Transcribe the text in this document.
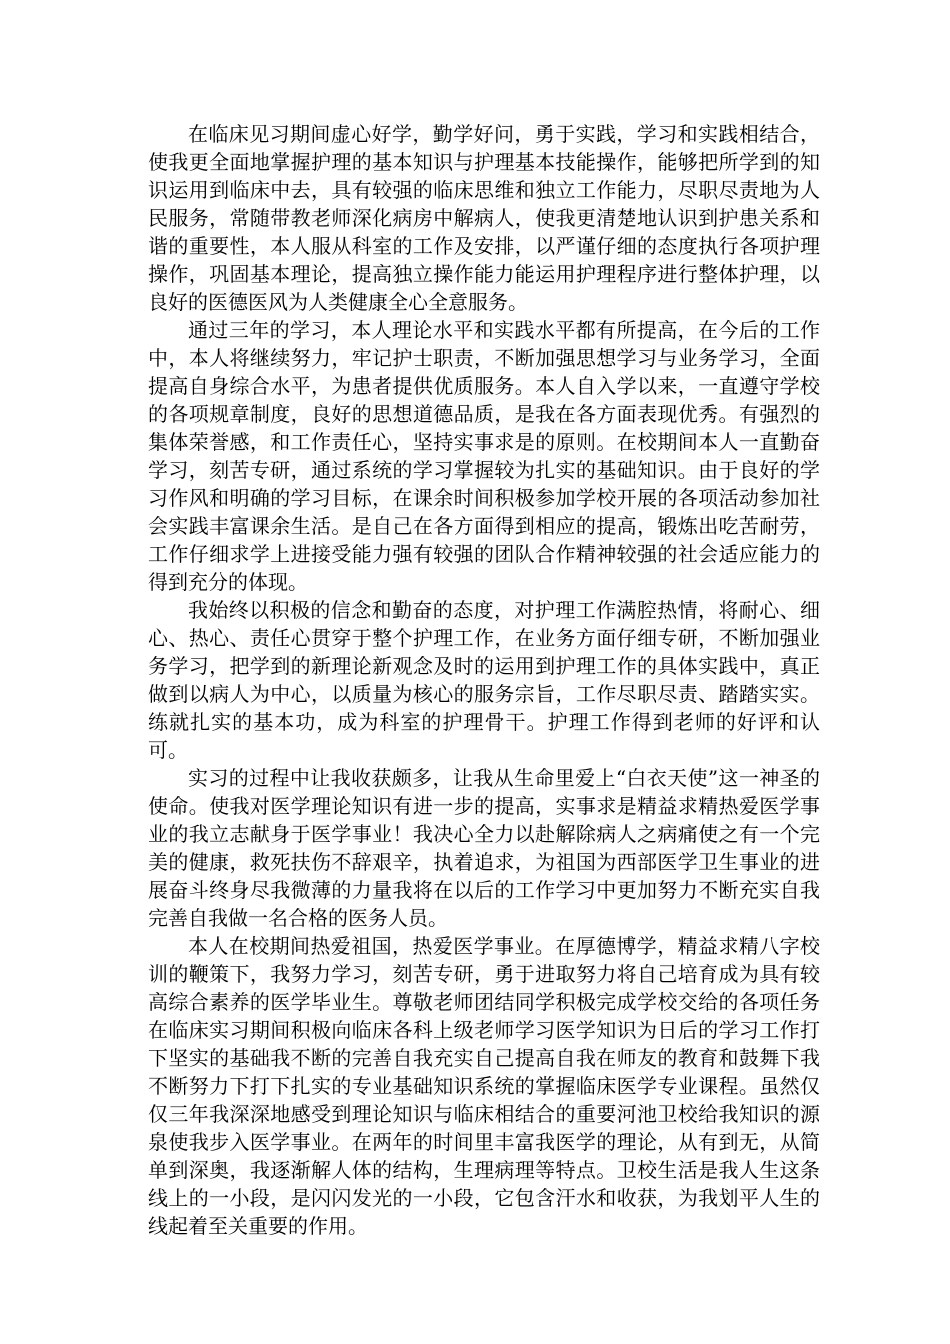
在临床见习期间虚心好学，勤学好问，勇于实践，学习和实践相结合，使我更全面地掌握护理的基本知识与护理基本技能操作，能够把所学到的知识运用到临床中去，具有较强的临床思维和独立工作能力，尽职尽责地为人民服务，常随带教老师深化病房中解病人，使我更清楚地认识到护患关系和谐的重要性，本人服从科室的工作及安排，以严谨仔细的态度执行各项护理操作，巩固基本理论，提高独立操作能力能运用护理程序进行整体护理，以良好的医德医风为人类健康全心全意服务。

通过三年的学习，本人理论水平和实践水平都有所提高，在今后的工作中，本人将继续努力，牢记护士职责，不断加强思想学习与业务学习，全面提高自身综合水平，为患者提供优质服务。本人自入学以来，一直遵守学校的各项规章制度，良好的思想道德品质，是我在各方面表现优秀。有强烈的集体荣誉感，和工作责任心，坚持实事求是的原则。在校期间本人一直勤奋学习，刻苦专研，通过系统的学习掌握较为扎实的基础知识。由于良好的学习作风和明确的学习目标，在课余时间积极参加学校开展的各项活动参加社会实践丰富课余生活。是自己在各方面得到相应的提高，锻炼出吃苦耐劳，工作仔细求学上进接受能力强有较强的团队合作精神较强的社会适应能力的得到充分的体现。

我始终以积极的信念和勤奋的态度，对护理工作满腔热情，将耐心、细心、热心、责任心贯穿于整个护理工作，在业务方面仔细专研，不断加强业务学习，把学到的新理论新观念及时的运用到护理工作的具体实践中，真正做到以病人为中心，以质量为核心的服务宗旨，工作尽职尽责、踏踏实实。练就扎实的基本功，成为科室的护理骨干。护理工作得到老师的好评和认可。

实习的过程中让我收获颇多，让我从生命里爱上“白衣天使”这一神圣的使命。使我对医学理论知识有进一步的提高，实事求是精益求精热爱医学事业的我立志献身于医学事业！我决心全力以赴解除病人之病痛使之有一个完美的健康，救死扶伤不辞艰辛，执着追求，为祖国为西部医学卫生事业的进展奋斗终身尽我微薄的力量我将在以后的工作学习中更加努力不断充实自我完善自我做一名合格的医务人员。

本人在校期间热爱祖国，热爱医学事业。在厚德博学，精益求精八字校训的鞭策下，我努力学习，刻苦专研，勇于进取努力将自己培育成为具有较高综合素养的医学毕业生。尊敬老师团结同学积极完成学校交给的各项任务在临床实习期间积极向临床各科上级老师学习医学知识为日后的学习工作打下坚实的基础我不断的完善自我充实自己提高自我在师友的教育和鼓舞下我不断努力下打下扎实的专业基础知识系统的掌握临床医学专业课程。虽然仅仅三年我深深地感受到理论知识与临床相结合的重要河池卫校给我知识的源泉使我步入医学事业。在两年的时间里丰富我医学的理论，从有到无，从简单到深奥，我逐渐解人体的结构，生理病理等特点。卫校生活是我人生这条线上的一小段，是闪闪发光的一小段，它包含汗水和收获，为我划平人生的线起着至关重要的作用。
